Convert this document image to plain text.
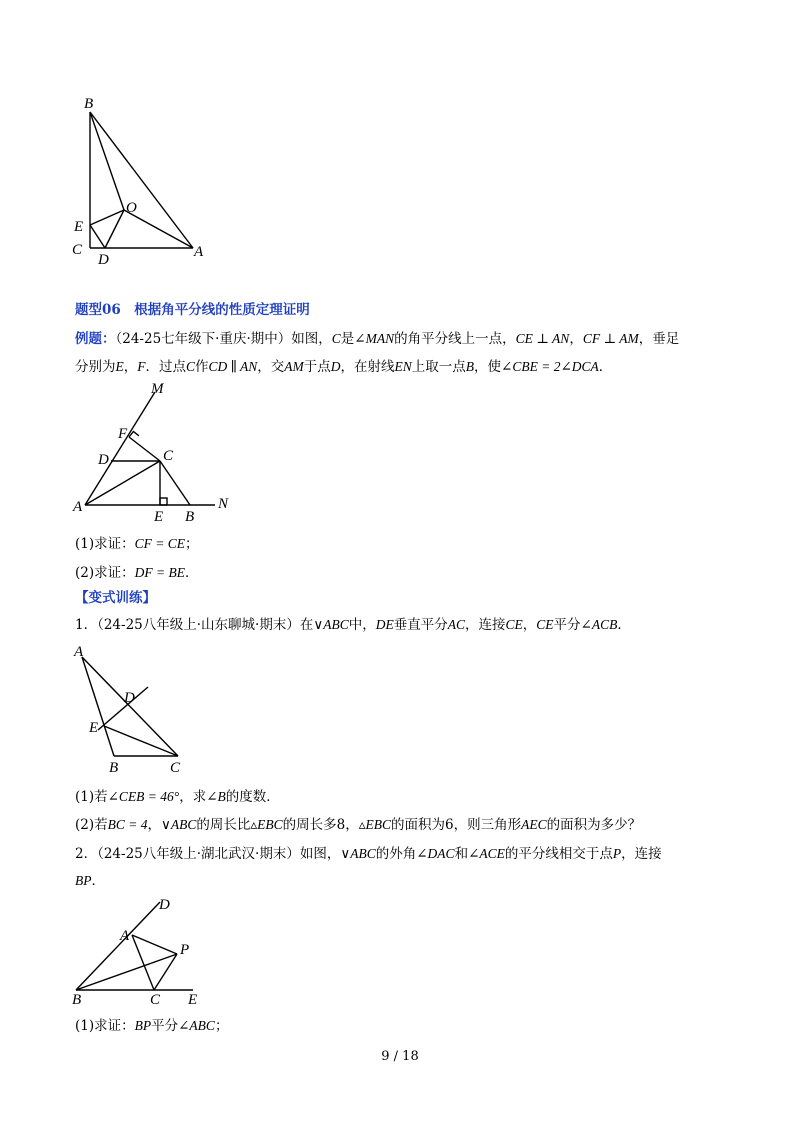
B
E
O
C
D	A
题型06　根据角平分线的性质定理证明
例题：（24-25七年级下·重庆·期中）如图，C是∠MAN的角平分线上一点，CE ⊥ AN，CF ⊥ AM，垂足
分别为E，F．过点C作CD ∥ AN，交AM于点D，在射线EN上取一点B，使∠CBE = 2∠DCA．
M
F
D	C
A
E B
N
(1)求证：CF = CE；
(2)求证：DF = BE．
【变式训练】
1．（24-25八年级上·山东聊城·期末）在∨ABC中，DE垂直平分AC，连接CE，CE平分∠ACB．
A
D
E
B	C
(1)若∠CEB = 46°，求∠B的度数．
(2)若BC = 4，∨ABC的周长比▵EBC的周长多8，▵EBC的面积为6，则三角形AEC的面积为多少？
2．（24-25八年级上·湖北武汉·期末）如图，∨ABC的外角∠DAC和∠ACE的平分线相交于点P，连接
BP．
D
A
P
B	C E
(1)求证：BP平分∠ABC；
9 / 18
